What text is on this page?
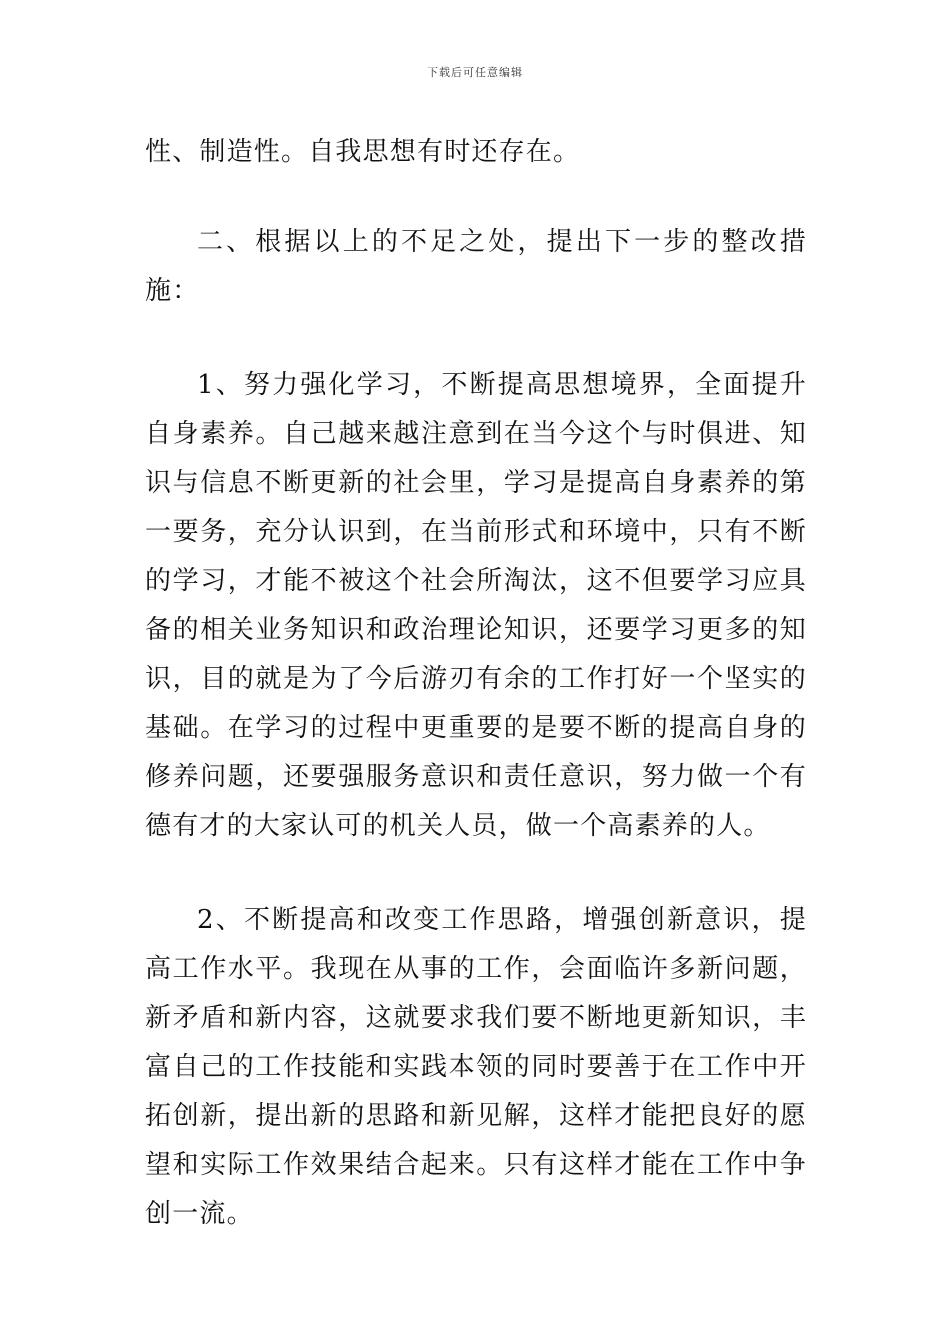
下载后可任意编辑

性、制造性。自我思想有时还存在。

二、根据以上的不足之处，提出下一步的整改措施：

1、努力强化学习，不断提高思想境界，全面提升自身素养。自己越来越注意到在当今这个与时俱进、知识与信息不断更新的社会里，学习是提高自身素养的第一要务，充分认识到，在当前形式和环境中，只有不断的学习，才能不被这个社会所淘汰，这不但要学习应具备的相关业务知识和政治理论知识，还要学习更多的知识，目的就是为了今后游刃有余的工作打好一个坚实的基础。在学习的过程中更重要的是要不断的提高自身的修养问题，还要强服务意识和责任意识，努力做一个有德有才的大家认可的机关人员，做一个高素养的人。

2、不断提高和改变工作思路，增强创新意识，提高工作水平。我现在从事的工作，会面临许多新问题，新矛盾和新内容，这就要求我们要不断地更新知识，丰富自己的工作技能和实践本领的同时要善于在工作中开拓创新，提出新的思路和新见解，这样才能把良好的愿望和实际工作效果结合起来。只有这样才能在工作中争创一流。
